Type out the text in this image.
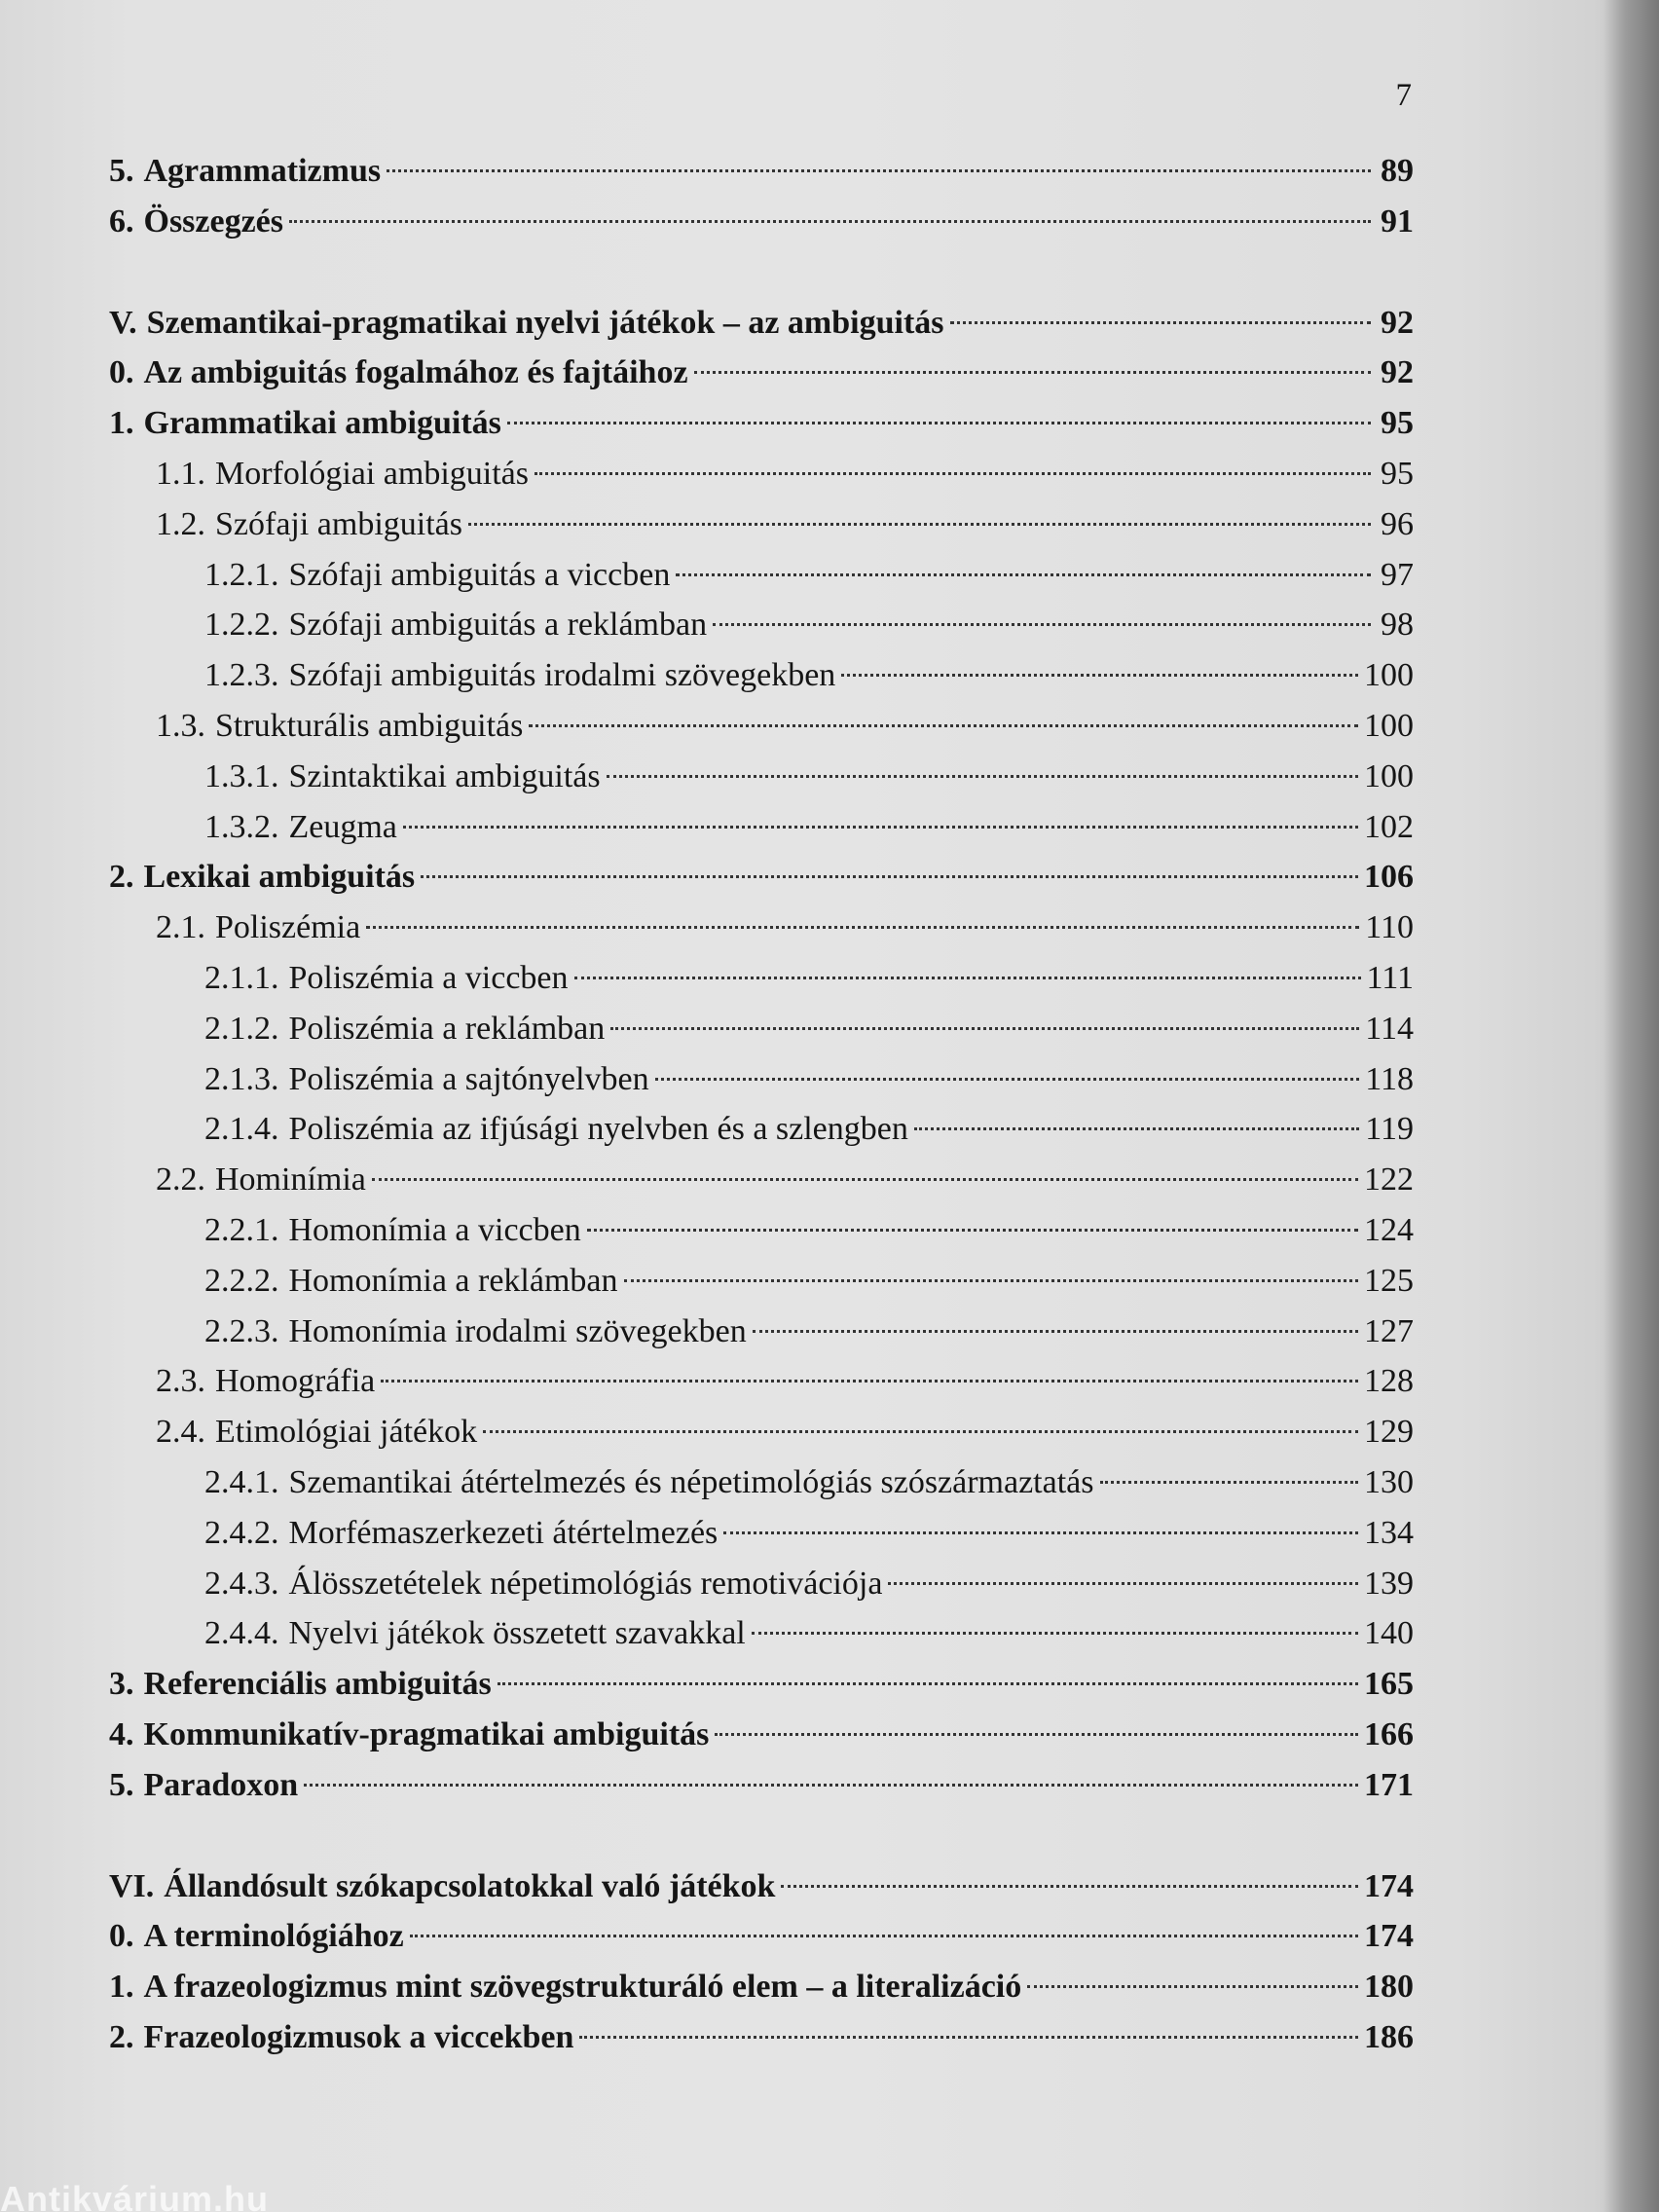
7
5. Agrammatizmus	89
6. Összegzés	91
V. Szemantikai-pragmatikai nyelvi játékok – az ambiguitás	92
0. Az ambiguitás fogalmához és fajtáihoz	92
1. Grammatikai ambiguitás	95
1.1. Morfológiai ambiguitás	95
1.2. Szófaji ambiguitás	96
1.2.1. Szófaji ambiguitás a viccben	97
1.2.2. Szófaji ambiguitás a reklámban	98
1.2.3. Szófaji ambiguitás irodalmi szövegekben	100
1.3. Strukturális ambiguitás	100
1.3.1. Szintaktikai ambiguitás	100
1.3.2. Zeugma	102
2. Lexikai ambiguitás	106
2.1. Poliszémia	110
2.1.1. Poliszémia a viccben	111
2.1.2. Poliszémia a reklámban	114
2.1.3. Poliszémia a sajtónyelvben	118
2.1.4. Poliszémia az ifjúsági nyelvben és a szlengben	119
2.2. Hominímia	122
2.2.1. Homonímia a viccben	124
2.2.2. Homonímia a reklámban	125
2.2.3. Homonímia irodalmi szövegekben	127
2.3. Homográfia	128
2.4. Etimológiai játékok	129
2.4.1. Szemantikai átértelmezés és népetimológiás szószármaztatás	130
2.4.2. Morfémaszerkezeti átértelmezés	134
2.4.3. Álösszetételek népetimológiás remotivációja	139
2.4.4. Nyelvi játékok összetett szavakkal	140
3. Referenciális ambiguitás	165
4. Kommunikatív-pragmatikai ambiguitás	166
5. Paradoxon	171
VI. Állandósult szókapcsolatokkal való játékok	174
0. A terminológiához	174
1. A frazeologizmus mint szövegstrukturáló elem – a literalizáció	180
2. Frazeologizmusok a viccekben	186
Antikvárium.hu
